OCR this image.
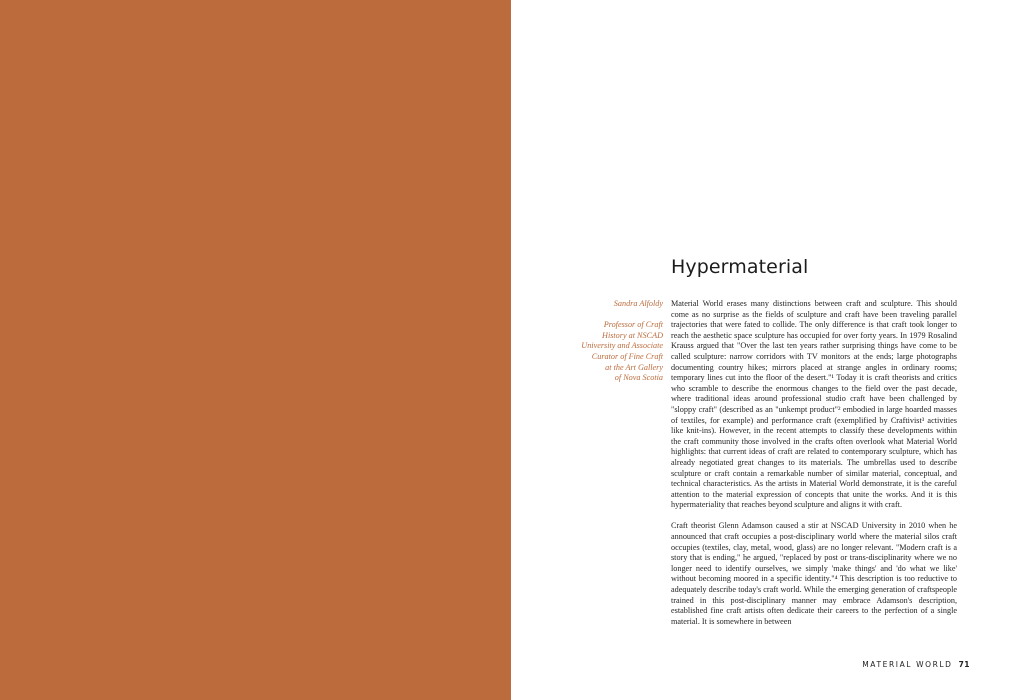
Hypermaterial
Sandra Alfoldy
Professor of Craft
History at NSCAD
University and Associate
Curator of Fine Craft
at the Art Gallery
of Nova Scotia

Material World erases many distinctions between craft and sculpture. This should come as no surprise as the fields of sculpture and craft have been traveling parallel trajectories that were fated to collide. The only difference is that craft took longer to reach the aesthetic space sculpture has occupied for over forty years. In 1979 Rosalind Krauss argued that "Over the last ten years rather surprising things have come to be called sculpture: narrow corridors with TV monitors at the ends; large photographs documenting country hikes; mirrors placed at strange angles in ordinary rooms; temporary lines cut into the floor of the desert."¹ Today it is craft theorists and critics who scramble to describe the enormous changes to the field over the past decade, where traditional ideas around professional studio craft have been challenged by "sloppy craft" (described as an "unkempt product"² embodied in large hoarded masses of textiles, for example) and performance craft (exemplified by Craftivist³ activities like knit-ins). However, in the recent attempts to classify these developments within the craft community those involved in the crafts often overlook what Material World highlights: that current ideas of craft are related to contemporary sculpture, which has already negotiated great changes to its materials. The umbrellas used to describe sculpture or craft contain a remarkable number of similar material, conceptual, and technical characteristics. As the artists in Material World demonstrate, it is the careful attention to the material expression of concepts that unite the works. And it is this hypermateriality that reaches beyond sculpture and aligns it with craft.

Craft theorist Glenn Adamson caused a stir at NSCAD University in 2010 when he announced that craft occupies a post-disciplinary world where the material silos craft occupies (textiles, clay, metal, wood, glass) are no longer relevant. "Modern craft is a story that is ending," he argued, "replaced by post or trans-disciplinarity where we no longer need to identify ourselves, we simply 'make things' and 'do what we like' without becoming moored in a specific identity."⁴ This description is too reductive to adequately describe today's craft world. While the emerging generation of craftspeople trained in this post-disciplinary manner may embrace Adamson's description, established fine craft artists often dedicate their careers to the perfection of a single material. It is somewhere in between

MATERIAL WORLD 71
